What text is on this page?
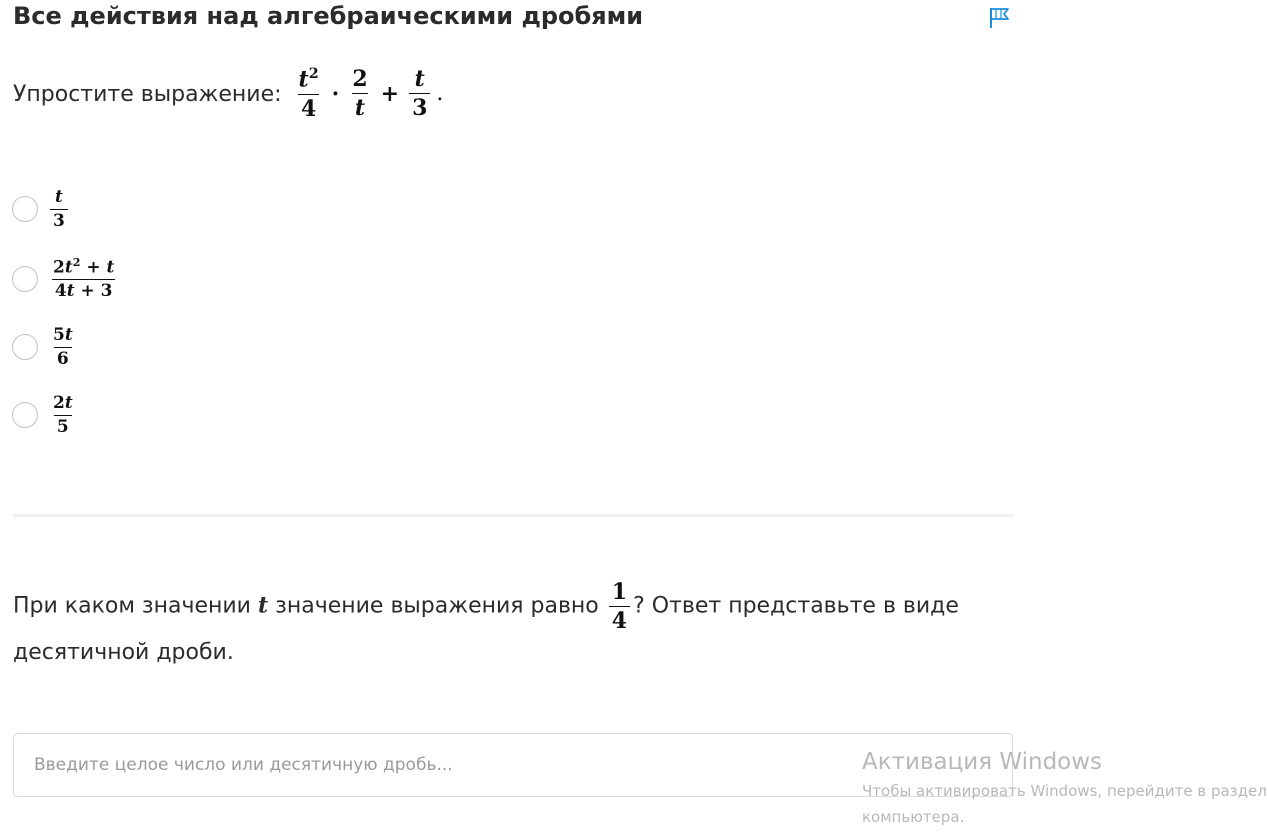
Все действия над алгебраическими дробями
Упростите выражение: $\frac{t^2}{4} \cdot \frac{2}{t} + \frac{t}{3}$ .
$\frac{t}{3}$
$\frac{2t^2 + t}{4t + 3}$
$\frac{5t}{6}$
$\frac{2t}{5}$
При каком значении t значение выражения равно $\frac{1}{4}$ ? Ответ представьте в виде десятичной дроби.
Введите целое число или десятичную дробь...
Активация Windows
Чтобы активировать Windows, перейдите в раздел
компьютера.
